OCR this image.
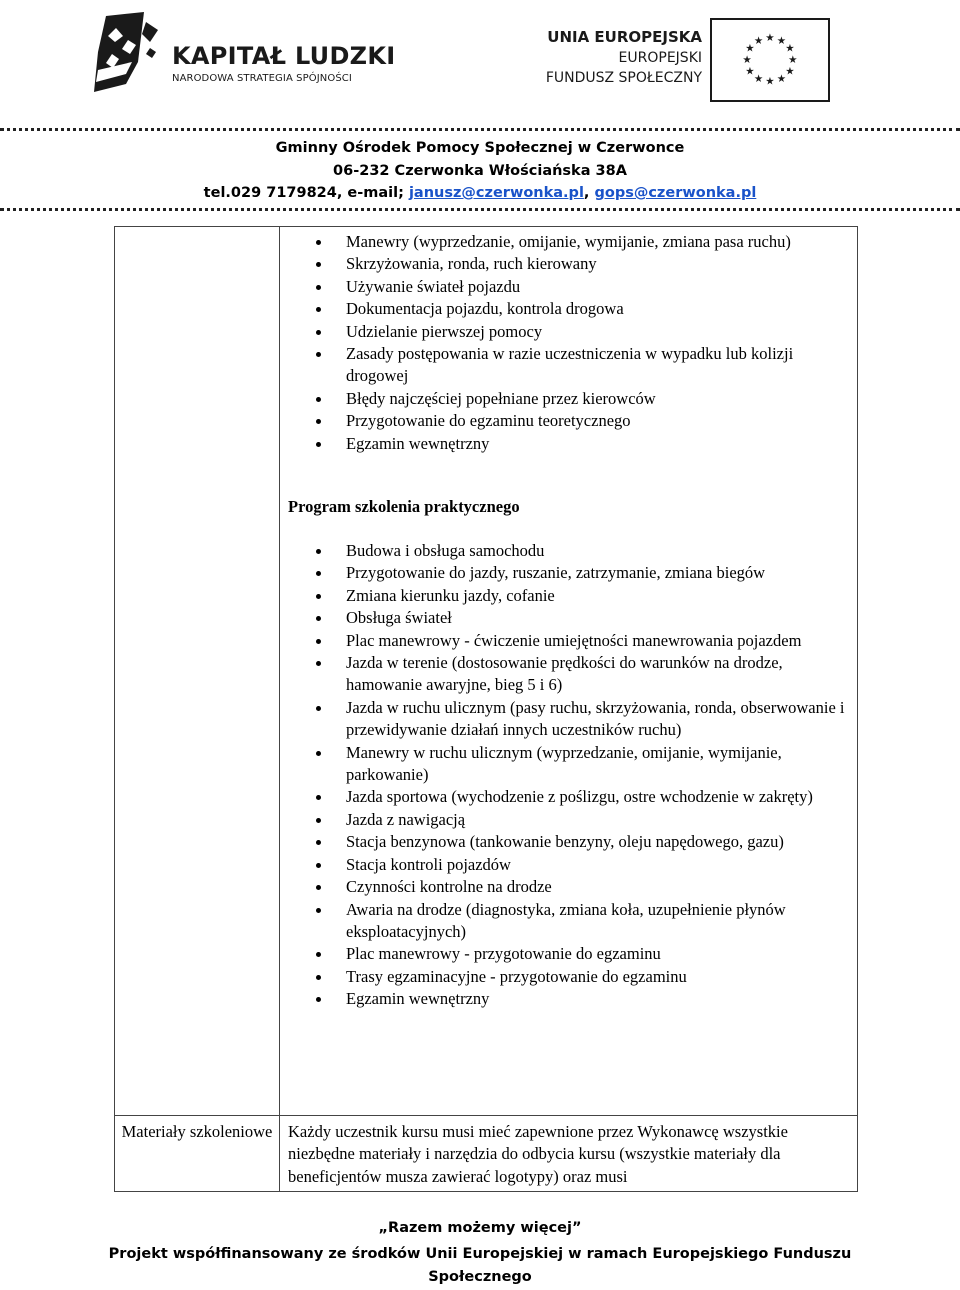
KAPITAŁ LUDZKI
NARODOWA STRATEGIA SPÓJNOŚCI
UNIA EUROPEJSKA
EUROPEJSKI
FUNDUSZ SPOŁECZNY
★ ★
★
★
★
★
★
★
★
★
★
★
Gminny Ośrodek Pomocy Społecznej w Czerwonce
06-232 Czerwonka Włościańska 38A
tel.029 7179824, e-mail; janusz@czerwonka.pl, gops@czerwonka.pl
Manewry (wyprzedzanie, omijanie, wymijanie, zmiana pasa ruchu)
Skrzyżowania, ronda, ruch kierowany
Używanie świateł pojazdu
Dokumentacja pojazdu, kontrola drogowa
Udzielanie pierwszej pomocy
Zasady postępowania w razie uczestniczenia w wypadku lub kolizji drogowej
Błędy najczęściej popełniane przez kierowców
Przygotowanie do egzaminu teoretycznego
Egzamin wewnętrzny
Program szkolenia praktycznego
Budowa i obsługa samochodu
Przygotowanie do jazdy, ruszanie, zatrzymanie, zmiana biegów
Zmiana kierunku jazdy, cofanie
Obsługa świateł
Plac manewrowy - ćwiczenie umiejętności manewrowania pojazdem
Jazda w terenie (dostosowanie prędkości do warunków na drodze, hamowanie awaryjne, bieg 5 i 6)
Jazda w ruchu ulicznym (pasy ruchu, skrzyżowania, ronda, obserwowanie i przewidywanie działań innych uczestników ruchu)
Manewry w ruchu ulicznym (wyprzedzanie, omijanie, wymijanie, parkowanie)
Jazda sportowa (wychodzenie z poślizgu, ostre wchodzenie w zakręty)
Jazda z nawigacją
Stacja benzynowa (tankowanie benzyny, oleju napędowego, gazu)
Stacja kontroli pojazdów
Czynności kontrolne na drodze
Awaria na drodze (diagnostyka, zmiana koła, uzupełnienie płynów eksploatacyjnych)
Plac manewrowy - przygotowanie do egzaminu
Trasy egzaminacyjne - przygotowanie do egzaminu
Egzamin wewnętrzny
Materiały szkoleniowe Każdy uczestnik kursu musi mieć zapewnione przez Wykonawcę wszystkie niezbędne materiały i narzędzia do odbycia kursu (wszystkie materiały dla beneficjentów musza zawierać logotypy) oraz musi
„Razem możemy więcej”
Projekt współfinansowany ze środków Unii Europejskiej w ramach Europejskiego Funduszu
Społecznego
